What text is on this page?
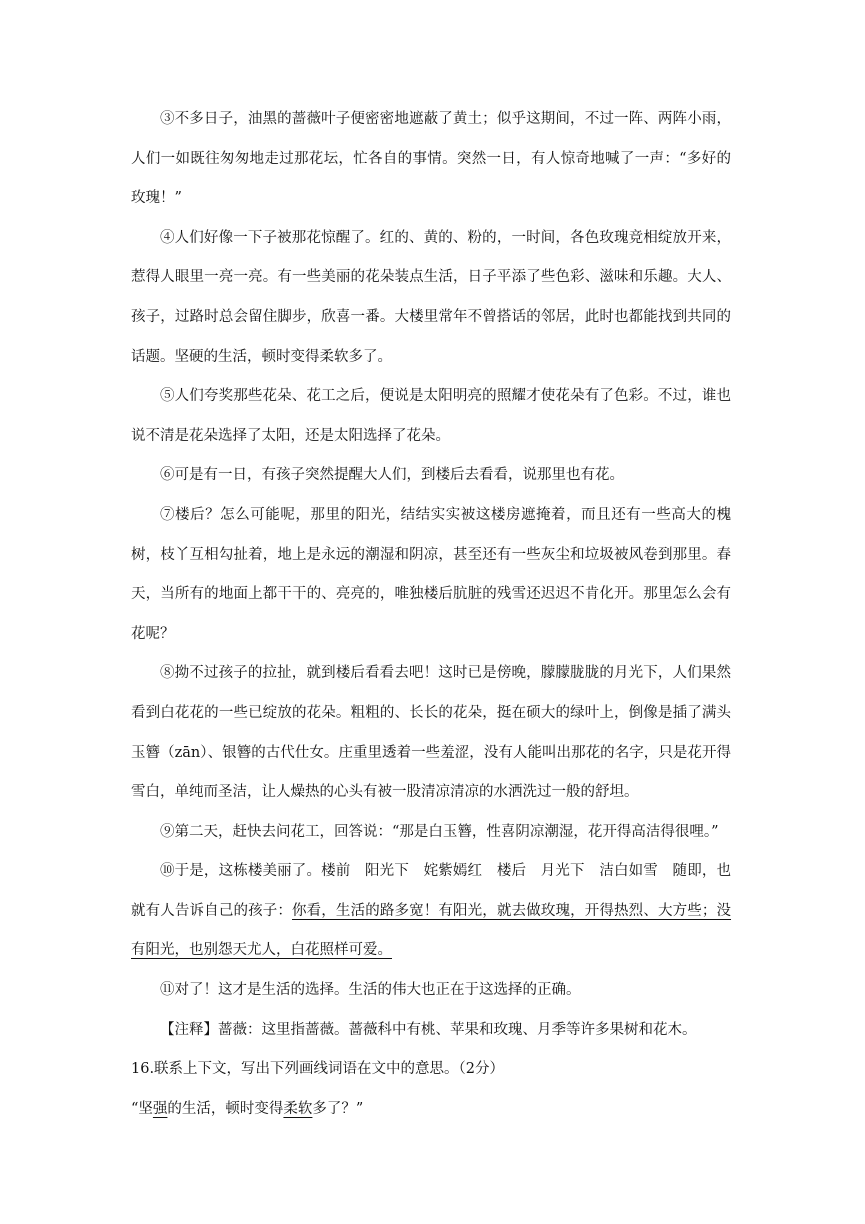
③不多日子，油黑的蔷薇叶子便密密地遮蔽了黄土；似乎这期间，不过一阵、两阵小雨，人们一如既往匆匆地走过那花坛，忙各自的事情。突然一日，有人惊奇地喊了一声：“多好的玫瑰！”

④人们好像一下子被那花惊醒了。红的、黄的、粉的，一时间，各色玫瑰竞相绽放开来，惹得人眼里一亮一亮。有一些美丽的花朵装点生活，日子平添了些色彩、滋味和乐趣。大人、孩子，过路时总会留住脚步，欣喜一番。大楼里常年不曾搭话的邻居，此时也都能找到共同的话题。坚硬的生活，顿时变得柔软多了。

⑤人们夸奖那些花朵、花工之后，便说是太阳明亮的照耀才使花朵有了色彩。不过，谁也说不清是花朵选择了太阳，还是太阳选择了花朵。

⑥可是有一日，有孩子突然提醒大人们，到楼后去看看，说那里也有花。

⑦楼后？怎么可能呢，那里的阳光，结结实实被这楼房遮掩着，而且还有一些高大的槐树，枝丫互相勾扯着，地上是永远的潮湿和阴凉，甚至还有一些灰尘和垃圾被风卷到那里。春天，当所有的地面上都干干的、亮亮的，唯独楼后肮脏的残雪还迟迟不肯化开。那里怎么会有花呢？

⑧拗不过孩子的拉扯，就到楼后看看去吧！这时已是傍晚，朦朦胧胧的月光下，人们果然看到白花花的一些已绽放的花朵。粗粗的、长长的花朵，挺在硕大的绿叶上，倒像是插了满头玉簪（zān）、银簪的古代仕女。庄重里透着一些羞涩，没有人能叫出那花的名字，只是花开得雪白，单纯而圣洁，让人燥热的心头有被一股清凉清凉的水洒洗过一般的舒坦。

⑨第二天，赶快去问花工，回答说：“那是白玉簪，性喜阴凉潮湿，花开得高洁得很哩。”

⑩于是，这栋楼美丽了。楼前　阳光下　姹紫嫣红　楼后　月光下　洁白如雪　随即，也就有人告诉自己的孩子：你看，生活的路多宽！有阳光，就去做玫瑰，开得热烈、大方些；没有阳光，也别怨天尤人，白花照样可爱。

⑪对了！这才是生活的选择。生活的伟大也正在于这选择的正确。

【注释】蔷薇：这里指蔷薇。蔷薇科中有桃、苹果和玫瑰、月季等许多果树和花木。

16.联系上下文，写出下列画线词语在文中的意思。（2分）

“坚强的生活，顿时变得柔软多了？”
